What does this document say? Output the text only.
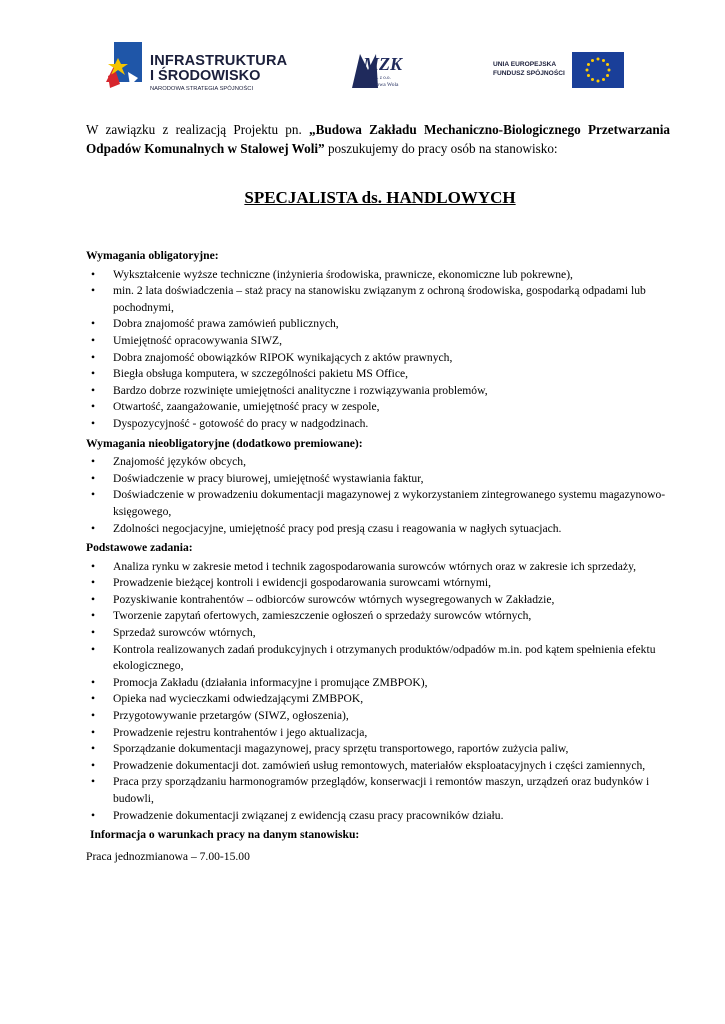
INFRASTRUKTURA
I ŚRODOWISKO
NARODOWA STRATEGIA SPÓJNOŚCI
MZK
Sp. z o.o.
Stalowa Wola
UNIA EUROPEJSKA
FUNDUSZ SPÓJNOŚCI
W zawiązku z realizacją Projektu pn. „Budowa Zakładu Mechaniczno-Biologicznego Przetwarzania Odpadów Komunalnych w Stalowej Woli” poszukujemy do pracy osób na stanowisko:
SPECJALISTA ds. HANDLOWYCH

Wymagania obligatoryjne:

• Wykształcenie wyższe techniczne (inżynieria środowiska, prawnicze, ekonomiczne lub pokrewne),
• min. 2 lata doświadczenia – staż pracy na stanowisku związanym z ochroną środowiska, gospodarką odpadami lub pochodnymi,
• Dobra znajomość prawa zamówień publicznych,
• Umiejętność opracowywania SIWZ,
• Dobra znajomość obowiązków RIPOK wynikających z aktów prawnych,
• Biegła obsługa komputera, w szczególności pakietu MS Office,
• Bardzo dobrze rozwinięte umiejętności analityczne i rozwiązywania problemów,
• Otwartość, zaangażowanie, umiejętność pracy w zespole,
• Dyspozycyjność - gotowość do pracy w nadgodzinach.

Wymagania nieobligatoryjne (dodatkowo premiowane):

• Znajomość języków obcych,
• Doświadczenie w pracy biurowej, umiejętność wystawiania faktur,
• Doświadczenie w prowadzeniu dokumentacji magazynowej z wykorzystaniem zintegrowanego systemu magazynowo-księgowego,
• Zdolności negocjacyjne, umiejętność pracy pod presją czasu i reagowania w nagłych sytuacjach.

Podstawowe zadania:

• Analiza rynku w zakresie metod i technik zagospodarowania surowców wtórnych oraz w zakresie ich sprzedaży,
• Prowadzenie bieżącej kontroli i ewidencji gospodarowania surowcami wtórnymi,
• Pozyskiwanie kontrahentów – odbiorców surowców wtórnych wysegregowanych w Zakładzie,
• Tworzenie zapytań ofertowych, zamieszczenie ogłoszeń o sprzedaży surowców wtórnych,
• Sprzedaż surowców wtórnych,
• Kontrola realizowanych zadań produkcyjnych i otrzymanych produktów/odpadów m.in. pod kątem spełnienia efektu ekologicznego,
• Promocja Zakładu (działania informacyjne i promujące ZMBPOK),
• Opieka nad wycieczkami odwiedzającymi ZMBPOK,
• Przygotowywanie przetargów (SIWZ, ogłoszenia),
• Prowadzenie rejestru kontrahentów i jego aktualizacja,
• Sporządzanie dokumentacji magazynowej, pracy sprzętu transportowego, raportów zużycia paliw,
• Prowadzenie dokumentacji dot. zamówień usług remontowych, materiałów eksploatacyjnych i części zamiennych,
• Praca przy sporządzaniu harmonogramów przeglądów, konserwacji i remontów maszyn, urządzeń oraz budynków i budowli,
• Prowadzenie dokumentacji związanej z ewidencją czasu pracy pracowników działu.

Informacja o warunkach pracy na danym stanowisku:

Praca jednozmianowa – 7.00-15.00
